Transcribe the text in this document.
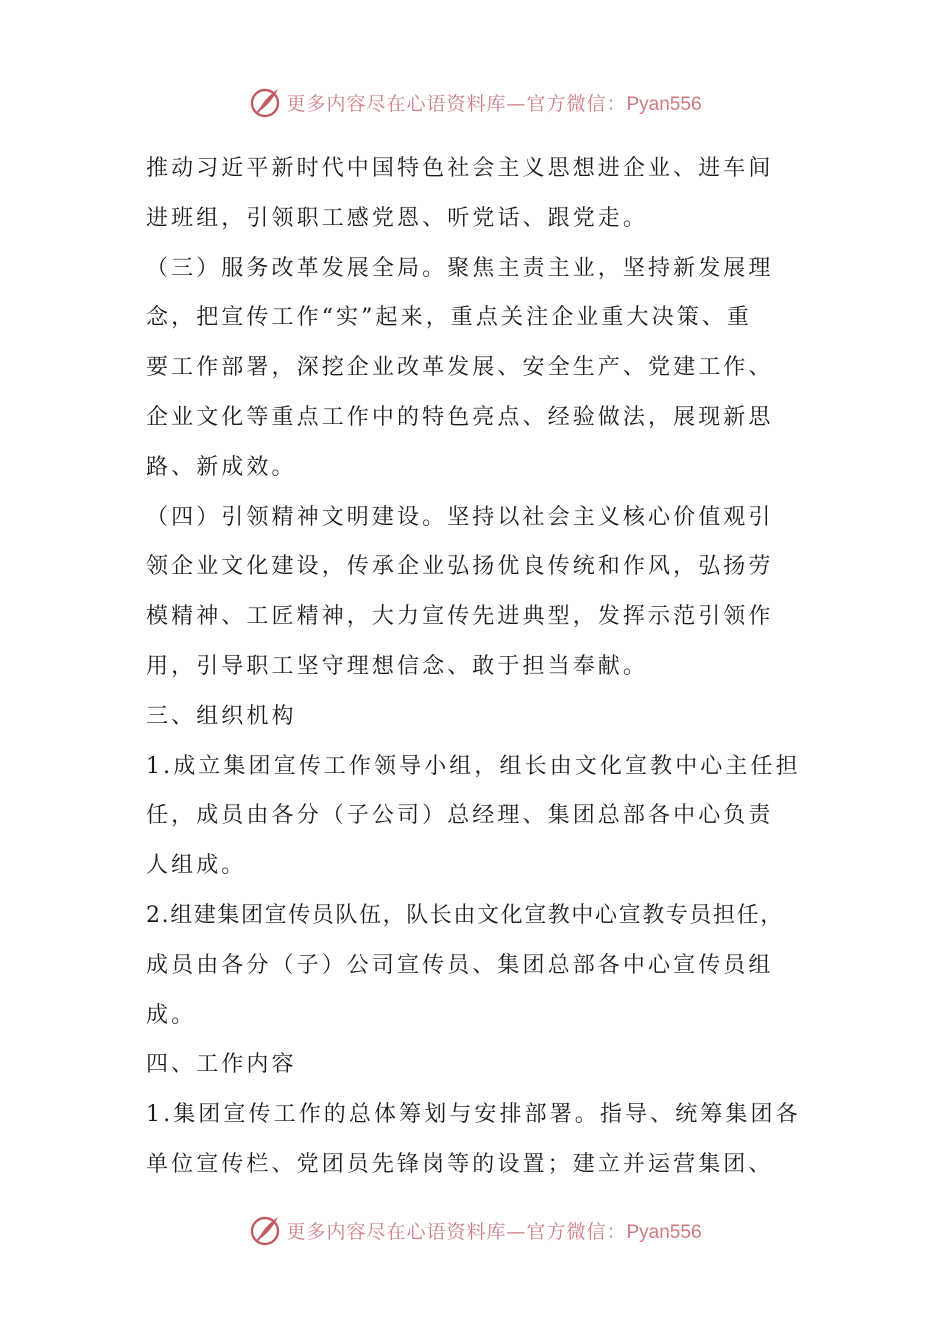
更多内容尽在心语资料库—官方微信：Pyan556
推动习近平新时代中国特色社会主义思想进企业、进车间
进班组，引领职工感党恩、听党话、跟党走。
（三）服务改革发展全局。聚焦主责主业，坚持新发展理
念，把宣传工作“实”起来，重点关注企业重大决策、重
要工作部署，深挖企业改革发展、安全生产、党建工作、
企业文化等重点工作中的特色亮点、经验做法，展现新思
路、新成效。
（四）引领精神文明建设。坚持以社会主义核心价值观引
领企业文化建设，传承企业弘扬优良传统和作风，弘扬劳
模精神、工匠精神，大力宣传先进典型，发挥示范引领作
用，引导职工坚守理想信念、敢于担当奉献。
三、组织机构
1.成立集团宣传工作领导小组，组长由文化宣教中心主任担
任，成员由各分（子公司）总经理、集团总部各中心负责
人组成。
2.组建集团宣传员队伍，队长由文化宣教中心宣教专员担任，
成员由各分（子）公司宣传员、集团总部各中心宣传员组
成。
四、工作内容
1.集团宣传工作的总体筹划与安排部署。指导、统筹集团各
单位宣传栏、党团员先锋岗等的设置；建立并运营集团、
更多内容尽在心语资料库—官方微信：Pyan556
